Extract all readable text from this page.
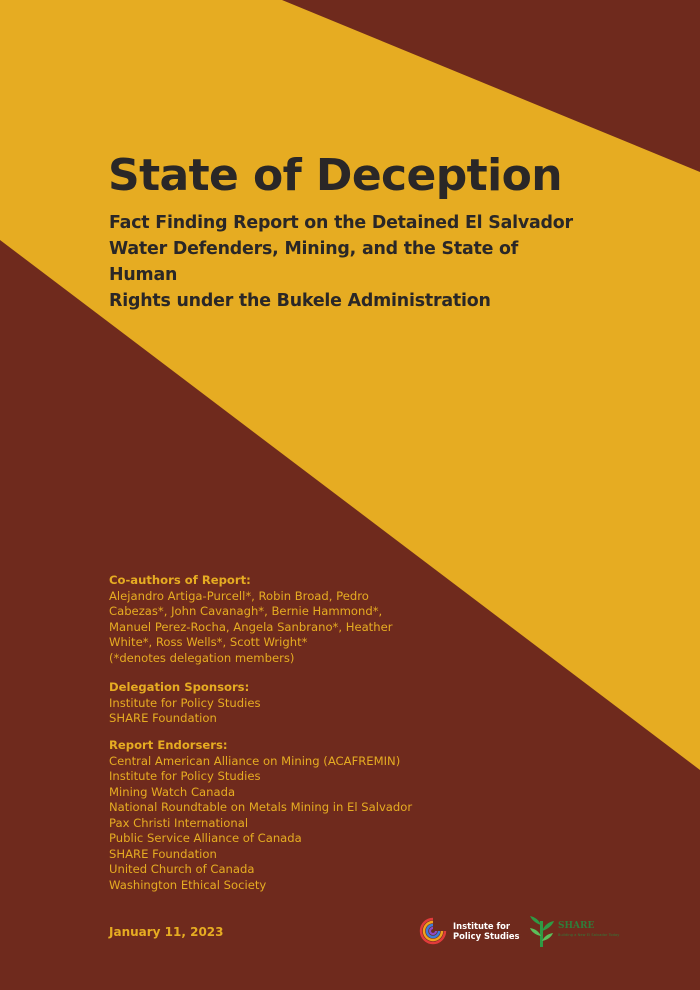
State of Deception
Fact Finding Report on the Detained El Salvador
Water Defenders, Mining, and the State of Human
Rights under the Bukele Administration
Co-authors of Report:
Alejandro Artiga-Purcell*, Robin Broad, Pedro
Cabezas*, John Cavanagh*, Bernie Hammond*,
Manuel Perez-Rocha, Angela Sanbrano*, Heather
White*, Ross Wells*, Scott Wright*
(*denotes delegation members)
Delegation Sponsors:
Institute for Policy Studies
SHARE Foundation
Report Endorsers:
Central American Alliance on Mining (ACAFREMIN)
Institute for Policy Studies
Mining Watch Canada
National Roundtable on Metals Mining in El Salvador
Pax Christi International
Public Service Alliance of Canada
SHARE Foundation
United Church of Canada
Washington Ethical Society
January 11, 2023	Institute for
Policy Studies
SHARE
Building a New El Salvador Today
